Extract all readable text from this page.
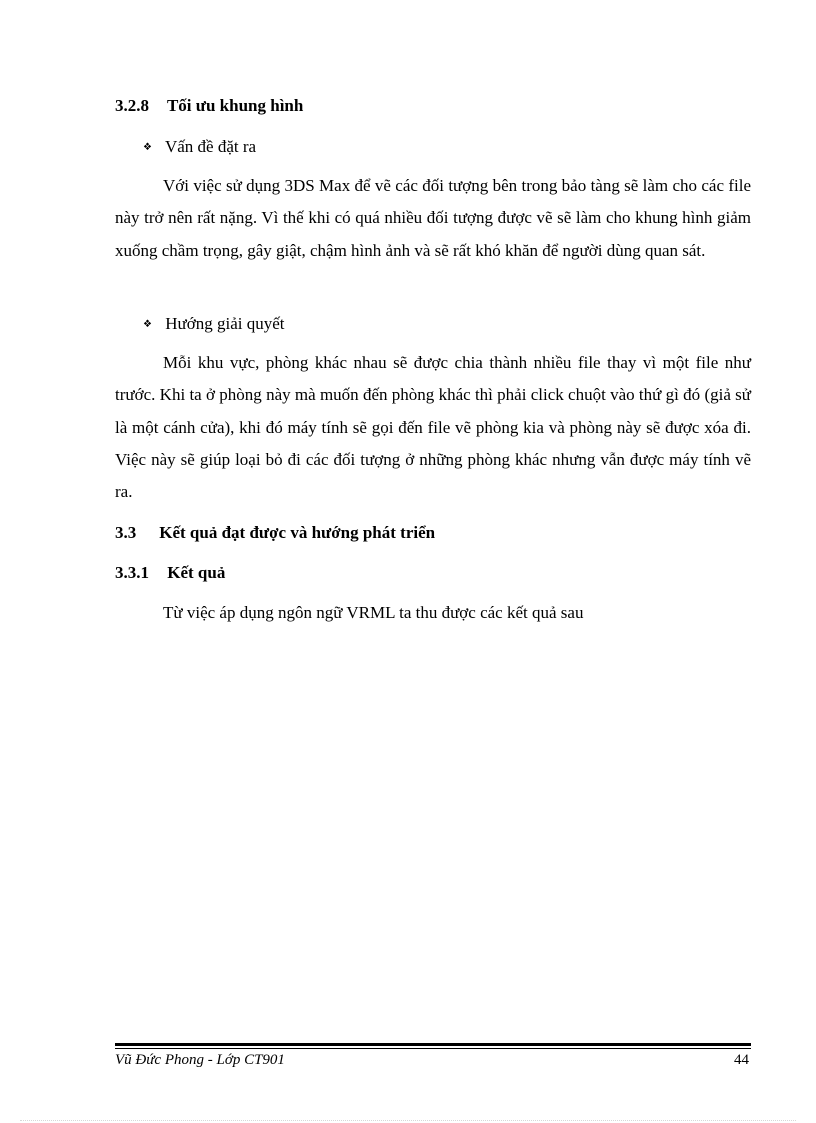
3.2.8 Tối ưu khung hình
❖ Vấn đề đặt ra

Với việc sử dụng 3DS Max để vẽ các đối tượng bên trong bảo tàng sẽ làm cho các file này trở nên rất nặng. Vì thế khi có quá nhiều đối tượng được vẽ sẽ làm cho khung hình giảm xuống chầm trọng, gây giật, chậm hình ảnh và sẽ rất khó khăn để người dùng quan sát.

❖ Hướng giải quyết

Mỗi khu vực, phòng khác nhau sẽ được chia thành nhiều file thay vì một file như trước. Khi ta ở phòng này mà muốn đến phòng khác thì phải click chuột vào thứ gì đó (giả sử là một cánh cửa), khi đó máy tính sẽ gọi đến file vẽ phòng kia và phòng này sẽ được xóa đi. Việc này sẽ giúp loại bỏ đi các đối tượng ở những phòng khác nhưng vẫn được máy tính vẽ ra.

3.3 Kết quả đạt được và hướng phát triển
3.3.1 Kết quả

Từ việc áp dụng ngôn ngữ VRML ta thu được các kết quả sau

Vũ Đức Phong - Lớp CT901	44
